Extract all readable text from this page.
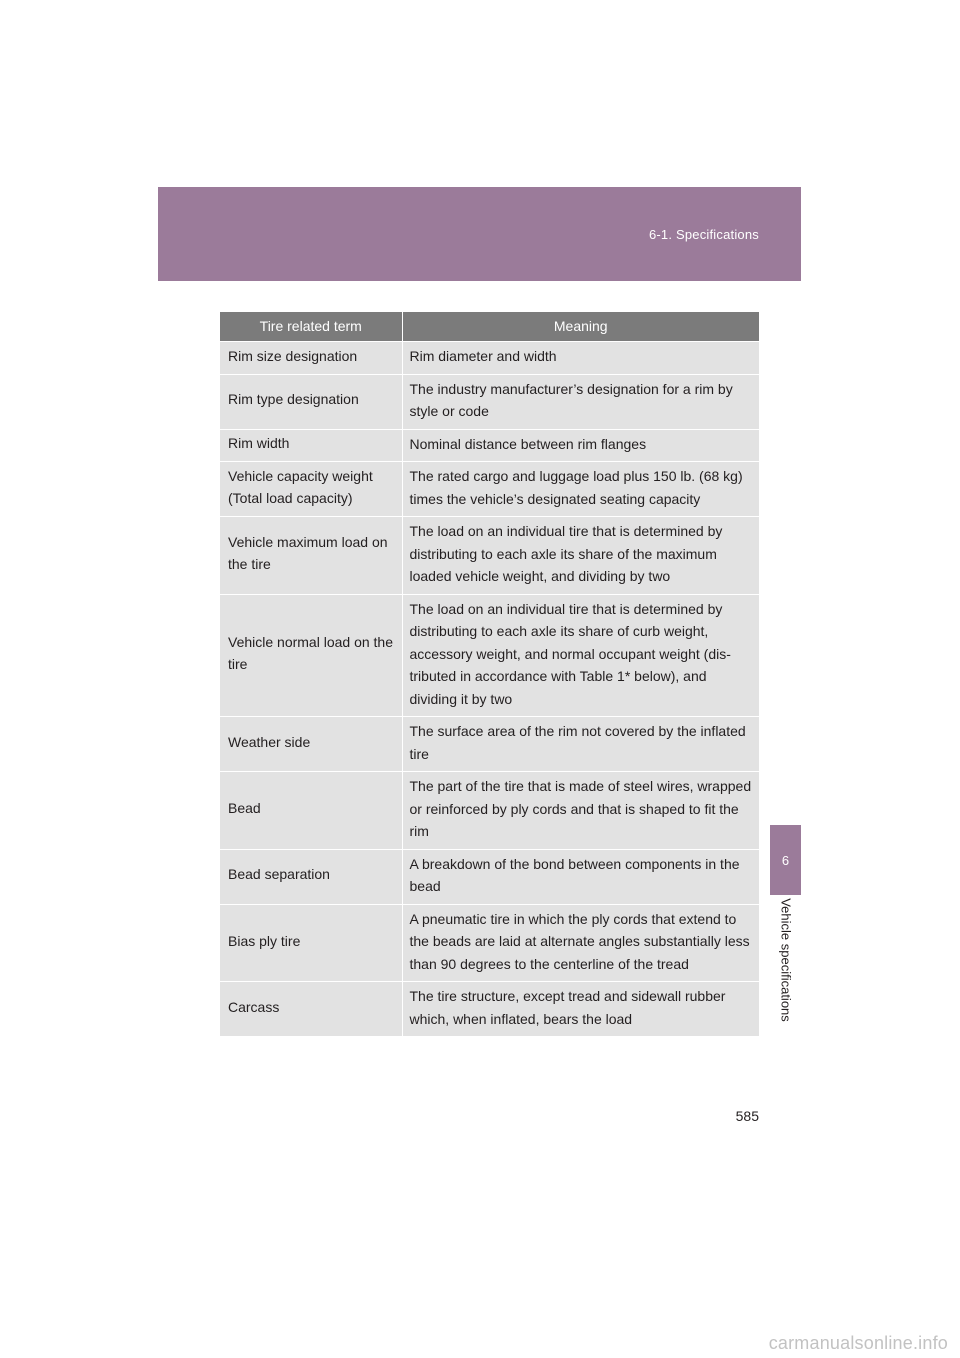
6-1. Specifications
6
Vehicle specifications
Tire related term	Meaning
Rim size designation	Rim diameter and width
Rim type designation	The industry manufacturer’s designation for a rim by style or code
Rim width	Nominal distance between rim flanges
Vehicle capacity weight (Total load capacity)	The rated cargo and luggage load plus 150 lb. (68 kg) times the vehicle’s designated seating capacity
Vehicle maximum load on the tire	The load on an individual tire that is determined by distributing to each axle its share of the maximum loaded vehicle weight, and dividing by two
Vehicle normal load on the tire	The load on an individual tire that is determined by distributing to each axle its share of curb weight, accessory weight, and normal occupant weight (dis-tributed in accordance with Table 1* below), and dividing it by two
Weather side	The surface area of the rim not covered by the inflated tire
Bead	The part of the tire that is made of steel wires, wrapped or reinforced by ply cords and that is shaped to fit the rim
Bead separation	A breakdown of the bond between components in the bead
Bias ply tire	A pneumatic tire in which the ply cords that extend to the beads are laid at alternate angles substantially less than 90 degrees to the centerline of the tread
Carcass	The tire structure, except tread and sidewall rubber which, when inflated, bears the load
585
carmanualsonline.info
